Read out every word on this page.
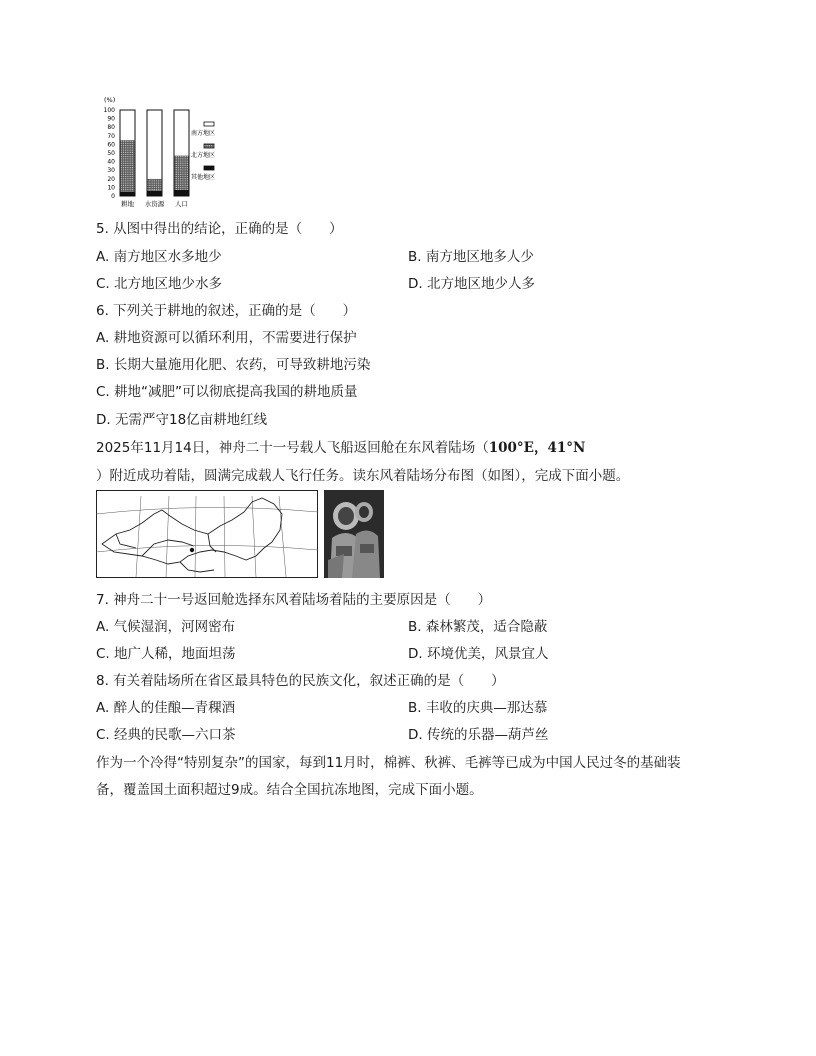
(%)
100
90
80
70
60
50
40
30
20
10
0
耕地 水资源 人口
南方地区
北方地区
其他地区
5. 从图中得出的结论，正确的是（　　）
A. 南方地区水多地少	B. 南方地区地多人少
C. 北方地区地少水多	D. 北方地区地少人多
6. 下列关于耕地的叙述，正确的是（　　）
A. 耕地资源可以循环利用，不需要进行保护
B. 长期大量施用化肥、农药，可导致耕地污染
C. 耕地“减肥”可以彻底提高我国的耕地质量
D. 无需严守18亿亩耕地红线
2025年11月14日，神舟二十一号载人飞船返回舱在东风着陆场（100°E，41°N
）附近成功着陆，圆满完成载人飞行任务。读东风着陆场分布图（如图），完成下面小题。
7. 神舟二十一号返回舱选择东风着陆场着陆的主要原因是（　　）
A. 气候湿润，河网密布	B. 森林繁茂，适合隐蔽
C. 地广人稀，地面坦荡	D. 环境优美，风景宜人
8. 有关着陆场所在省区最具特色的民族文化，叙述正确的是（　　）
A. 醉人的佳酿—青稞酒	B. 丰收的庆典—那达慕
C. 经典的民歌—六口茶	D. 传统的乐器—葫芦丝
作为一个冷得“特别复杂”的国家，每到11月时，棉裤、秋裤、毛裤等已成为中国人民过冬的基础装
备，覆盖国土面积超过9成。结合全国抗冻地图，完成下面小题。
